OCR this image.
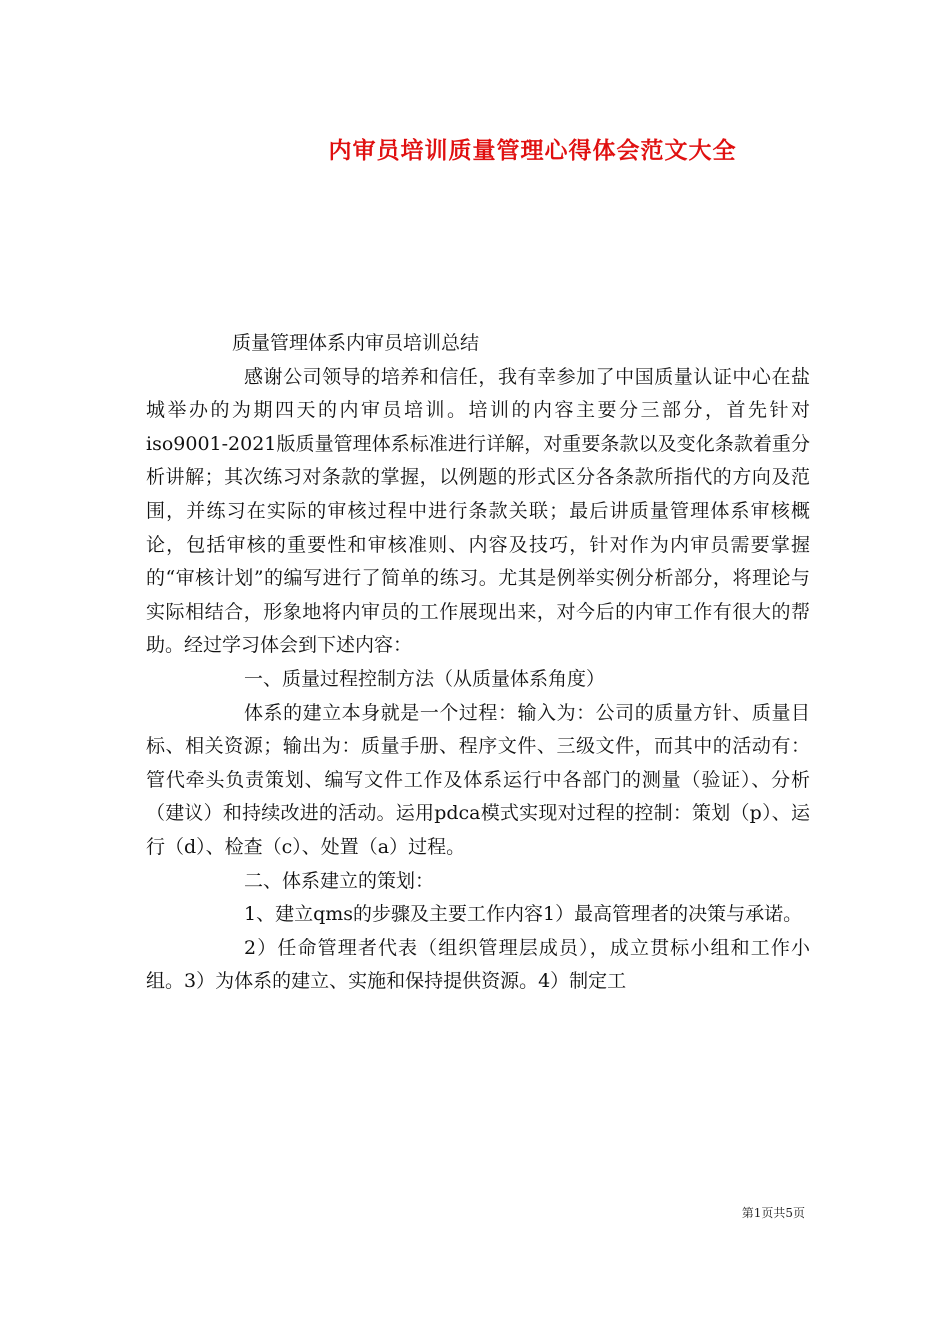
内审员培训质量管理心得体会范文大全

质量管理体系内审员培训总结

感谢公司领导的培养和信任，我有幸参加了中国质量认证中心在盐城举办的为期四天的内审员培训。培训的内容主要分三部分，首先针对iso9001-2021版质量管理体系标准进行详解，对重要条款以及变化条款着重分析讲解；其次练习对条款的掌握，以例题的形式区分各条款所指代的方向及范围，并练习在实际的审核过程中进行条款关联；最后讲质量管理体系审核概论，包括审核的重要性和审核准则、内容及技巧，针对作为内审员需要掌握的“审核计划”的编写进行了简单的练习。尤其是例举实例分析部分，将理论与实际相结合，形象地将内审员的工作展现出来，对今后的内审工作有很大的帮助。经过学习体会到下述内容：

一、质量过程控制方法（从质量体系角度）

体系的建立本身就是一个过程：输入为：公司的质量方针、质量目标、相关资源；输出为：质量手册、程序文件、三级文件，而其中的活动有：管代牵头负责策划、编写文件工作及体系运行中各部门的测量（验证）、分析（建议）和持续改进的活动。运用pdca模式实现对过程的控制：策划（p）、运行（d）、检查（c）、处置（a）过程。

二、体系建立的策划：

1、建立qms的步骤及主要工作内容1）最高管理者的决策与承诺。

2）任命管理者代表（组织管理层成员），成立贯标小组和工作小组。3）为体系的建立、实施和保持提供资源。4）制定工

第1页共5页
